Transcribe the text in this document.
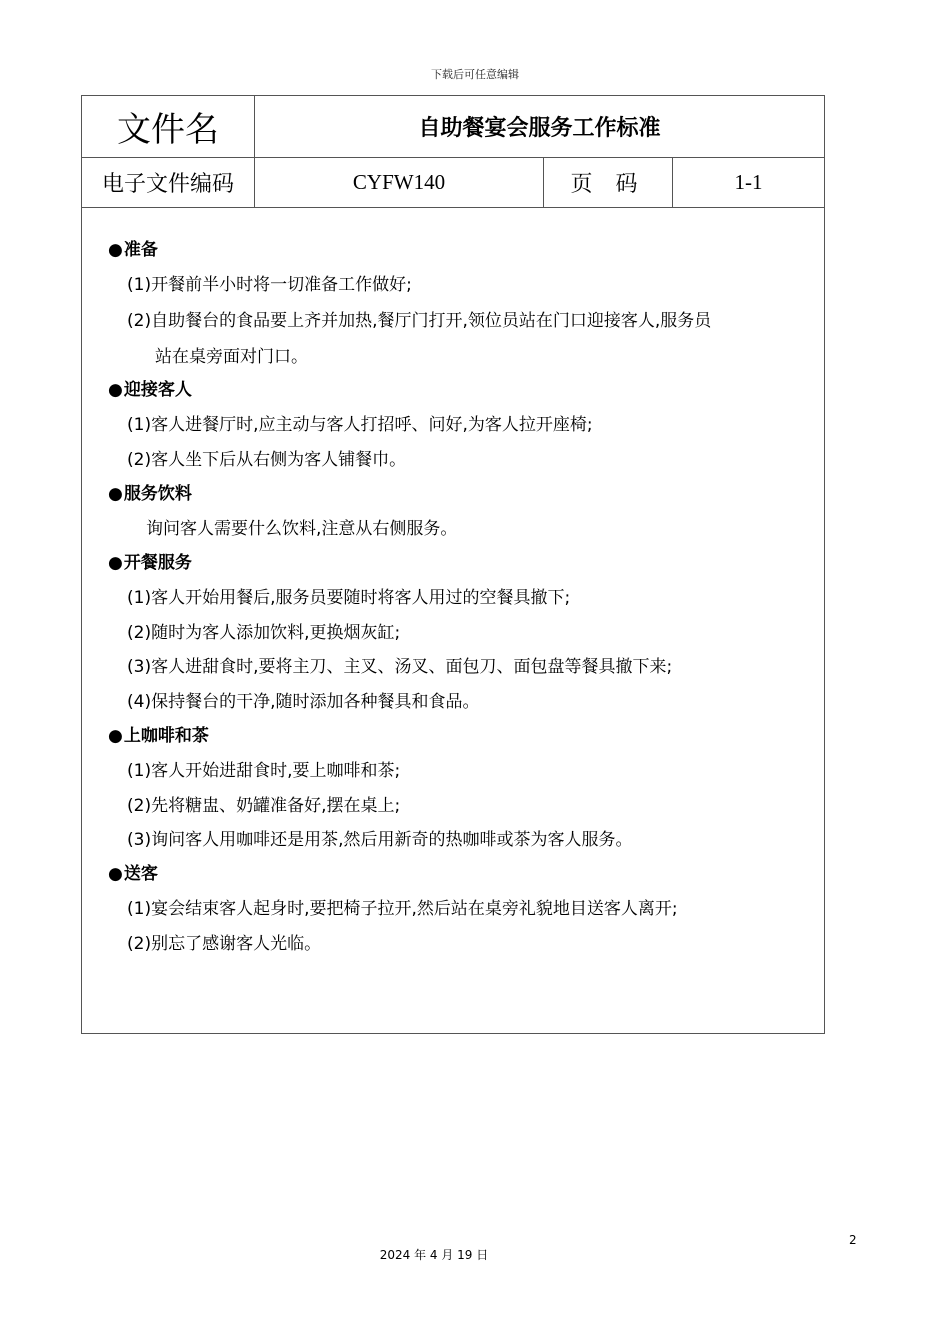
下载后可任意编辑
文件名	自助餐宴会服务工作标准
电子文件编码	CYFW140	页 码	1-1
●准备
(1)开餐前半小时将一切准备工作做好;
(2)自助餐台的食品要上齐并加热,餐厅门打开,领位员站在门口迎接客人,服务员
站在桌旁面对门口。
●迎接客人
(1)客人进餐厅时,应主动与客人打招呼、问好,为客人拉开座椅;
(2)客人坐下后从右侧为客人铺餐巾。
●服务饮料
询问客人需要什么饮料,注意从右侧服务。
●开餐服务
(1)客人开始用餐后,服务员要随时将客人用过的空餐具撤下;
(2)随时为客人添加饮料,更换烟灰缸;
(3)客人进甜食时,要将主刀、主叉、汤叉、面包刀、面包盘等餐具撤下来;
(4)保持餐台的干净,随时添加各种餐具和食品。
●上咖啡和茶
(1)客人开始进甜食时,要上咖啡和茶;
(2)先将糖盅、奶罐准备好,摆在桌上;
(3)询问客人用咖啡还是用茶,然后用新奇的热咖啡或茶为客人服务。
●送客
(1)宴会结束客人起身时,要把椅子拉开,然后站在桌旁礼貌地目送客人离开;
(2)别忘了感谢客人光临。
2
2024 年 4 月 19 日
